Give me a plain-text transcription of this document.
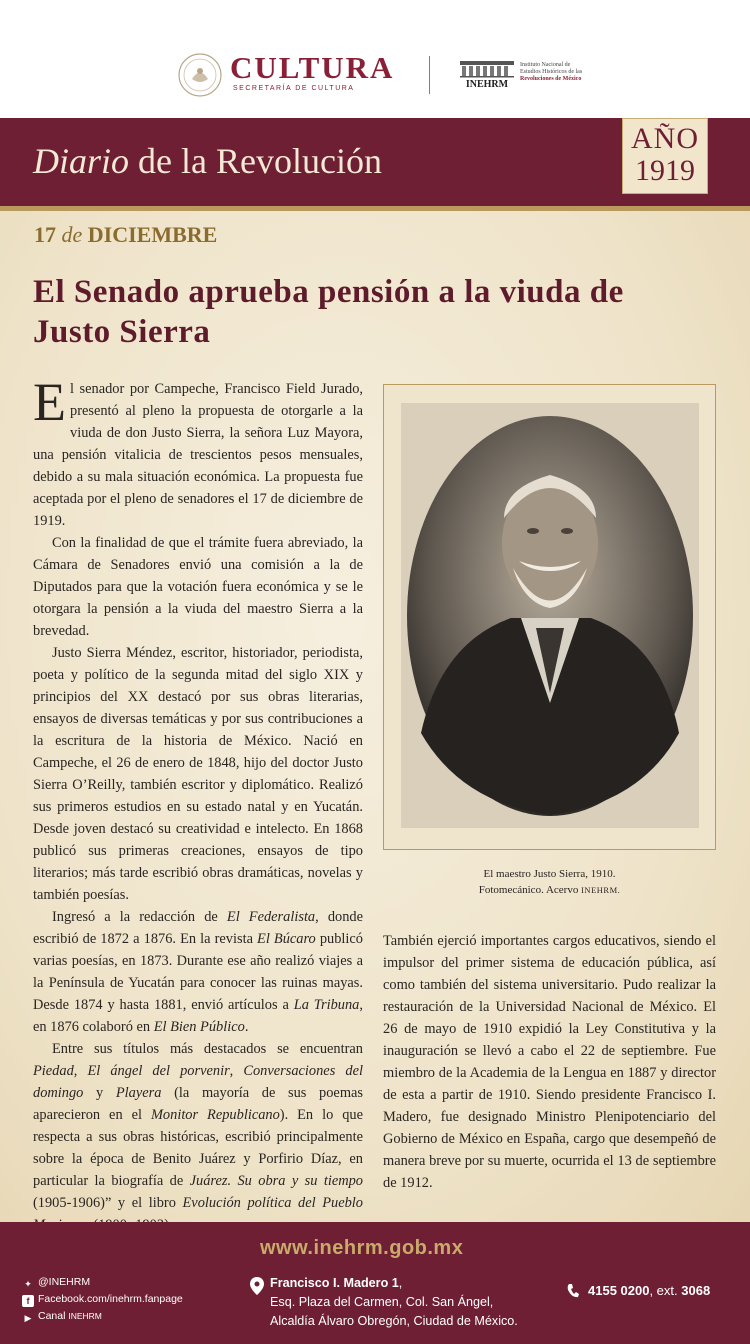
CULTURA
SECRETARÍA DE CULTURA	INEHRM
Instituto Nacional de
Estudios Históricos de las
Revoluciones de México
Diario de la Revolución
AÑO
1919
17 de DICIEMBRE
El Senado aprueba pensión a la viuda de Justo Sierra

El senador por Campeche, Francisco Field Jurado, presentó al pleno la propuesta de otorgarle a la viuda de don Justo Sierra, la señora Luz Mayora, una pensión vitalicia de trescientos pesos mensuales, debido a su mala situación económica. La propuesta fue aceptada por el pleno de senadores el 17 de diciembre de 1919.

Con la finalidad de que el trámite fuera abreviado, la Cámara de Senadores envió una comisión a la de Diputados para que la votación fuera económica y se le otorgara la pensión a la viuda del maestro Sierra a la brevedad.

Justo Sierra Méndez, escritor, historiador, periodista, poeta y político de la segunda mitad del siglo XIX y principios del XX destacó por sus obras literarias, ensayos de diversas temáticas y por sus contribuciones a la escritura de la historia de México. Nació en Campeche, el 26 de enero de 1848, hijo del doctor Justo Sierra O’Reilly, también escritor y diplomático. Realizó sus primeros estudios en su estado natal y en Yucatán. Desde joven destacó su creatividad e intelecto. En 1868 publicó sus primeras creaciones, ensayos de tipo literarios; más tarde escribió obras dramáticas, novelas y también poesías.

Ingresó a la redacción de El Federalista, donde escribió de 1872 a 1876. En la revista El Búcaro publicó varias poesías, en 1873. Durante ese año realizó viajes a la Península de Yucatán para conocer las ruinas mayas. Desde 1874 y hasta 1881, envió artículos a La Tribuna, en 1876 colaboró en El Bien Público.

Entre sus títulos más destacados se encuentran Piedad, El ángel del porvenir, Conversaciones del domingo y Playera (la mayoría de sus poemas aparecieron en el Monitor Republicano). En lo que respecta a sus obras históricas, escribió principalmente sobre la época de Benito Juárez y Porfirio Díaz, en particular la biografía de Juárez. Su obra y su tiempo (1905-1906)” y el libro Evolución política del Pueblo

El maestro Justo Sierra, 1910.
Fotomecánico. Acervo INEHRM.

También ejerció importantes cargos educativos, siendo el impulsor del primer sistema de educación pública, así como también del sistema universitario. Pudo realizar la restauración de la Universidad Nacional de México. El 26 de mayo de 1910 expidió la Ley Constitutiva y la inauguración se llevó a cabo el 22 de septiembre. Fue miembro de la Academia de la Lengua en 1887 y director de esta a partir de 1910. Siendo presidente Francisco I. Madero, fue designado Ministro Plenipotenciario del Gobierno de México en España, cargo que desempeñó de manera breve por su muerte, ocurrida el 13 de septiembre de 1912.

www.inehrm.gob.mx
✦ @INEHRM
f Facebook.com/inehrm.fanpage
▶ Canal INEHRM
Francisco I. Madero 1,
Esq. Plaza del Carmen, Col. San Ángel,
Alcaldía Álvaro Obregón, Ciudad de México.
4155 0200, ext. 3068
